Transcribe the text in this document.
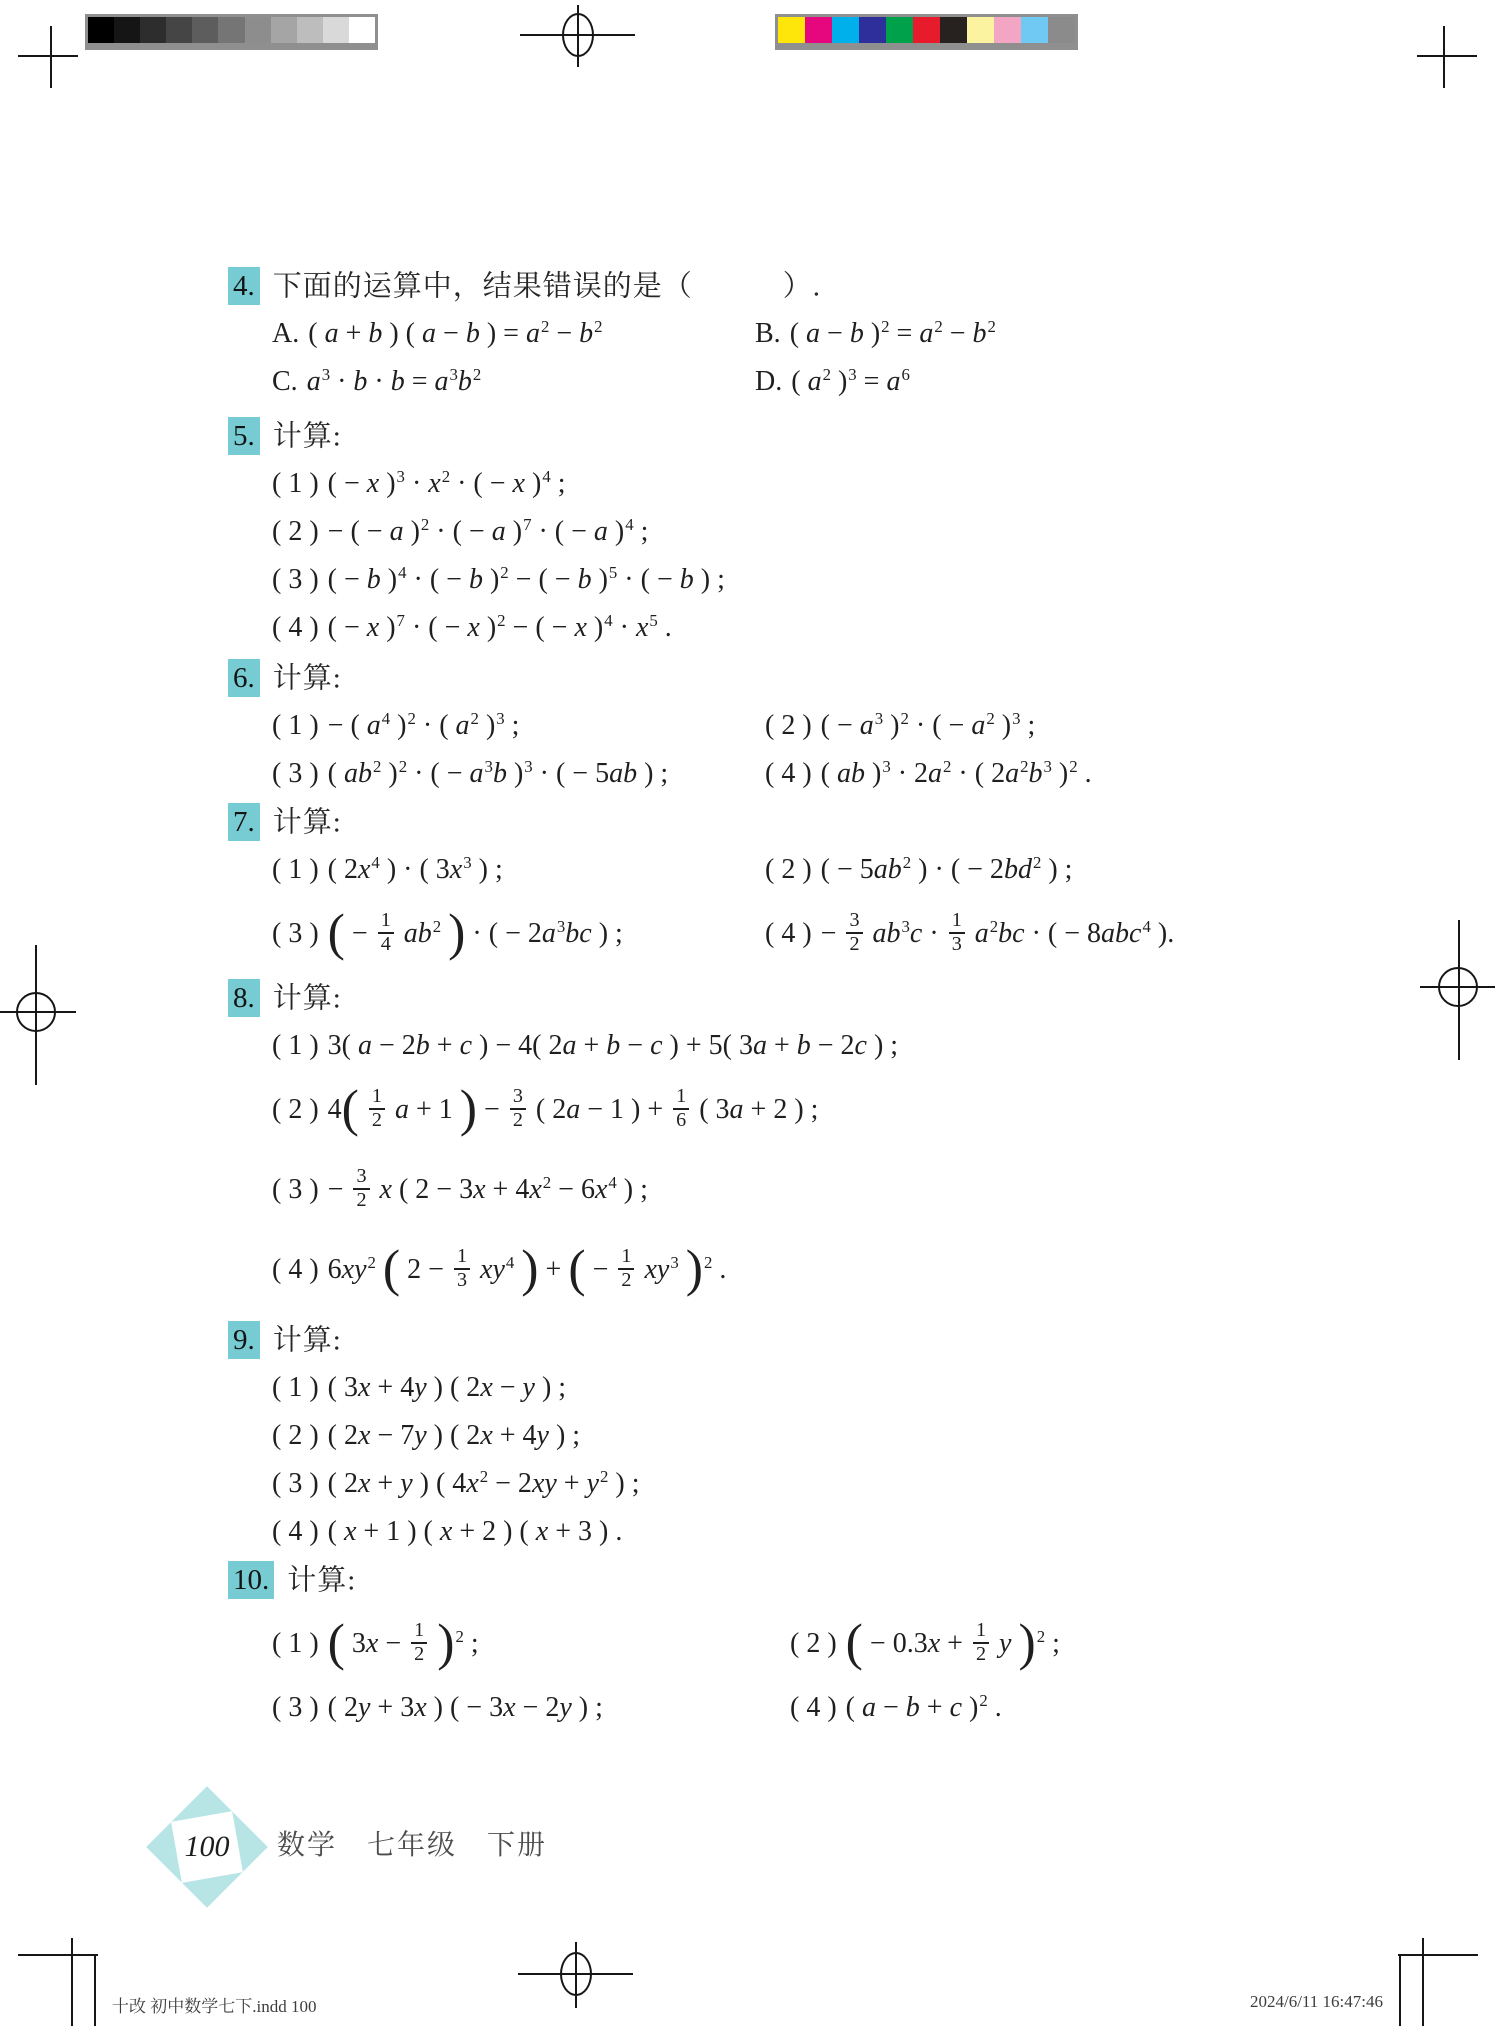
4. 下面的运算中，结果错误的是（　　　）.
A. ( a + b ) ( a − b ) = $a^2 - b^2$	B. ( a − b )$^2 = a^2 - b^2$
C. $a^3 \cdot b \cdot b = a^3b^2$	D. ( $a^2$ )$^3 = a^6$
5. 计算:
( 1 ) ( − x )$^3 \cdot x^2$ · ( − x )$^4$ ;
( 2 ) − ( − a )$^2$ · ( − a )$^7$ · ( − a )$^4$ ;
( 3 ) ( − b )$^4$ · ( − b )$^2$ − ( − b )$^5$ · ( − b ) ;
( 4 ) ( − x )$^7$ · ( − x )$^2$ − ( − x )$^4 \cdot x^5$ .
6. 计算:
( 1 ) − ( $a^4$ )$^2$ · ( $a^2$ )$^3$ ;	( 2 ) ( − $a^3$ )$^2$ · ( − $a^2$ )$^3$ ;
( 3 ) ( $ab^2$ )$^2$ · ( − $a^3b$ )$^3$ · ( − 5ab ) ;	( 4 ) ( ab )$^3 \cdot 2a^2$ · ( $2a^2b^3$ )$^2$ .
7. 计算:
( 1 ) ( $2x^4$ ) · ( $3x^3$ ) ;	( 2 ) ( − $5ab^2$ ) · ( − $2bd^2$ ) ;
( 3 ) ( − $\frac{1}{4} ab^2$ ) · ( − $2a^3bc$ ) ;	( 4 ) − $\frac{3}{2} ab^3c \cdot \frac{1}{3} a^2bc$ · ( − 8abc$^4$ ).
8. 计算:
( 1 ) 3( a − 2b + c ) − 4( 2a + b − c ) + 5( 3a + b − 2c ) ;
( 2 ) $4( \frac{1}{2}$ a + 1 ) − $\frac{3}{2}$ ( 2a − 1 ) + $\frac{1}{6}$ ( 3a + 2 ) ;
( 3 ) − $\frac{3}{2}$ x ( $2 - 3x + 4x^2 - 6x^4$ ) ;
( 4 ) $6xy^2$ ( $2 - \frac{1}{3} xy^4$ ) + ( − $\frac{1}{2} xy^3$ )$^2$ .
9. 计算:
( 1 ) ( 3x + 4y ) ( 2x − y ) ;
( 2 ) ( 2x − 7y ) ( 2x + 4y ) ;
( 3 ) ( 2x + y ) ( $4x^2 - 2xy + y^2$ ) ;
( 4 ) ( x + 1 ) ( x + 2 ) ( x + 3 ) .
10. 计算:
( 1 ) ( $3x - \frac{1}{2} )^2$ ;	( 2 ) ( − $0.3x + \frac{1}{2}$ y )$^2$ ;
( 3 ) ( 2y + 3x ) ( − 3x − 2y ) ;	( 4 ) ( a − b + c )$^2$ .
100	数学　七年级　下册
十改 初中数学七下.indd 100	2024/6/11 16:47:46
